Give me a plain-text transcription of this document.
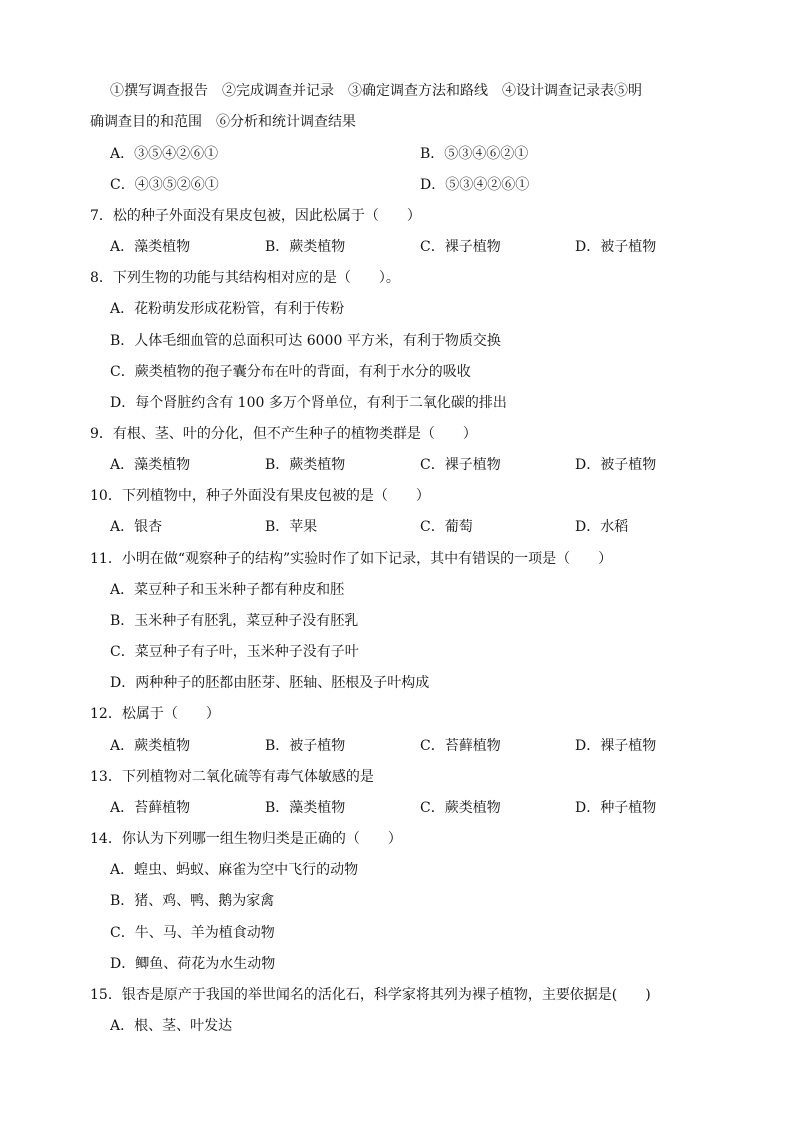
①撰写调查报告　②完成调查并记录　③确定调查方法和路线　④设计调查记录表⑤明
确调查目的和范围　⑥分析和统计调查结果
A．③⑤④②⑥①	B．⑤③④⑥②①
C．④③⑤②⑥①	D．⑤③④②⑥①
7．松的种子外面没有果皮包被，因此松属于（　　）
A．藻类植物	B．蕨类植物	C．裸子植物	D．被子植物
8．下列生物的功能与其结构相对应的是（　　）。
A．花粉萌发形成花粉管，有利于传粉
B．人体毛细血管的总面积可达 6000 平方米，有利于物质交换
C．蕨类植物的孢子囊分布在叶的背面，有利于水分的吸收
D．每个肾脏约含有 100 多万个肾单位，有利于二氧化碳的排出
9．有根、茎、叶的分化，但不产生种子的植物类群是（　　）
A．藻类植物	B．蕨类植物	C．裸子植物	D．被子植物
10．下列植物中，种子外面没有果皮包被的是（　　）
A．银杏	B．苹果	C．葡萄	D．水稻
11．小明在做“观察种子的结构”实验时作了如下记录，其中有错误的一项是（　　）
A．菜豆种子和玉米种子都有种皮和胚
B．玉米种子有胚乳，菜豆种子没有胚乳
C．菜豆种子有子叶，玉米种子没有子叶
D．两种种子的胚都由胚芽、胚轴、胚根及子叶构成
12．松属于（　　）
A．蕨类植物	B．被子植物	C．苔藓植物	D．裸子植物
13．下列植物对二氧化硫等有毒气体敏感的是
A．苔藓植物	B．藻类植物	C．蕨类植物	D．种子植物
14．你认为下列哪一组生物归类是正确的（　　）
A．蝗虫、蚂蚁、麻雀为空中飞行的动物
B．猪、鸡、鸭、鹅为家禽
C．牛、马、羊为植食动物
D．鲫鱼、荷花为水生动物
15．银杏是原产于我国的举世闻名的活化石，科学家将其列为裸子植物，主要依据是(　　)
A．根、茎、叶发达
